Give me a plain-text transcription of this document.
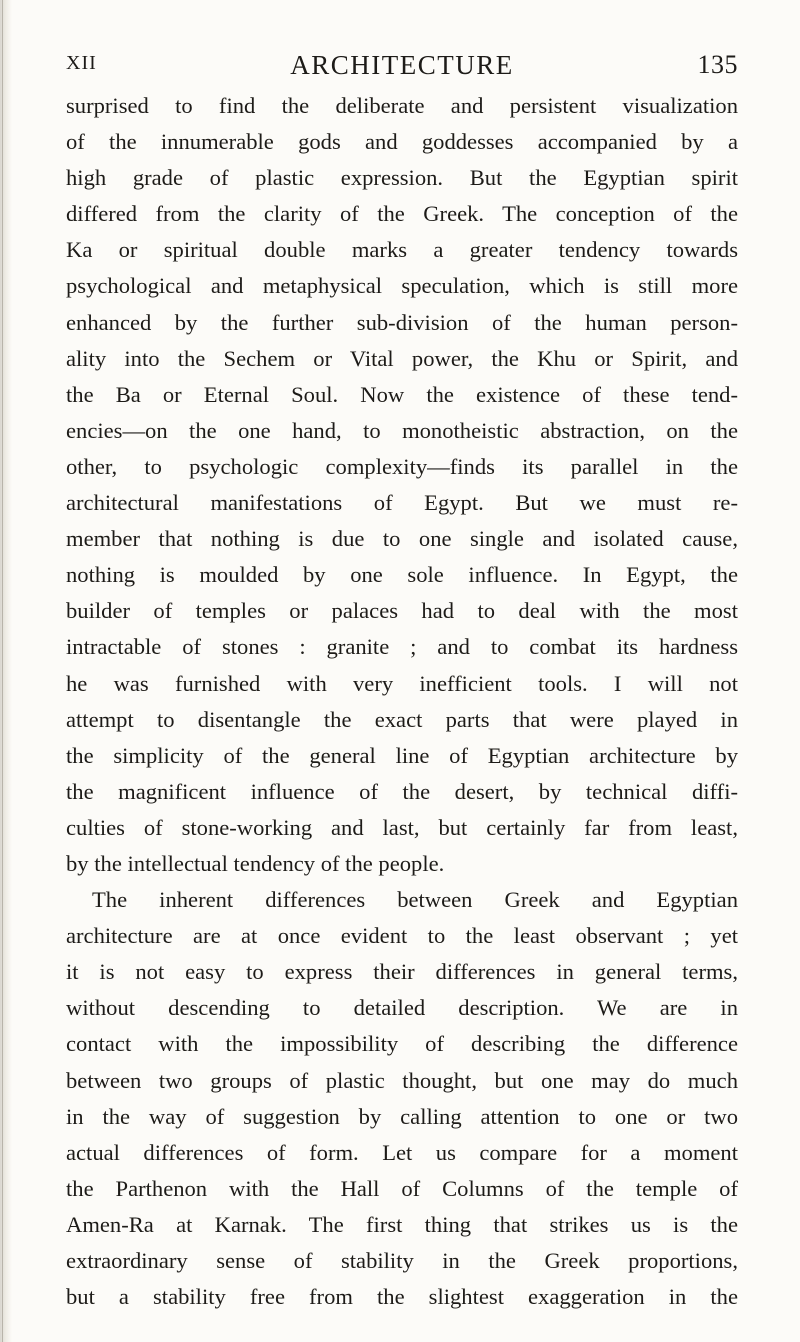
XII	ARCHITECTURE	135
surprised to find the deliberate and persistent visualization
of the innumerable gods and goddesses accompanied by a
high grade of plastic expression. But the Egyptian spirit
differed from the clarity of the Greek. The conception of the
Ka or spiritual double marks a greater tendency towards
psychological and metaphysical speculation, which is still more
enhanced by the further sub-division of the human person-
ality into the Sechem or Vital power, the Khu or Spirit, and
the Ba or Eternal Soul. Now the existence of these tend-
encies—on the one hand, to monotheistic abstraction, on the
other, to psychologic complexity—finds its parallel in the
architectural manifestations of Egypt. But we must re-
member that nothing is due to one single and isolated cause,
nothing is moulded by one sole influence. In Egypt, the
builder of temples or palaces had to deal with the most
intractable of stones : granite ; and to combat its hardness
he was furnished with very inefficient tools. I will not
attempt to disentangle the exact parts that were played in
the simplicity of the general line of Egyptian architecture by
the magnificent influence of the desert, by technical diffi-
culties of stone-working and last, but certainly far from least,
by the intellectual tendency of the people.
The inherent differences between Greek and Egyptian
architecture are at once evident to the least observant ; yet
it is not easy to express their differences in general terms,
without descending to detailed description. We are in
contact with the impossibility of describing the difference
between two groups of plastic thought, but one may do much
in the way of suggestion by calling attention to one or two
actual differences of form. Let us compare for a moment
the Parthenon with the Hall of Columns of the temple of
Amen-Ra at Karnak. The first thing that strikes us is the
extraordinary sense of stability in the Greek proportions,
but a stability free from the slightest exaggeration in the
